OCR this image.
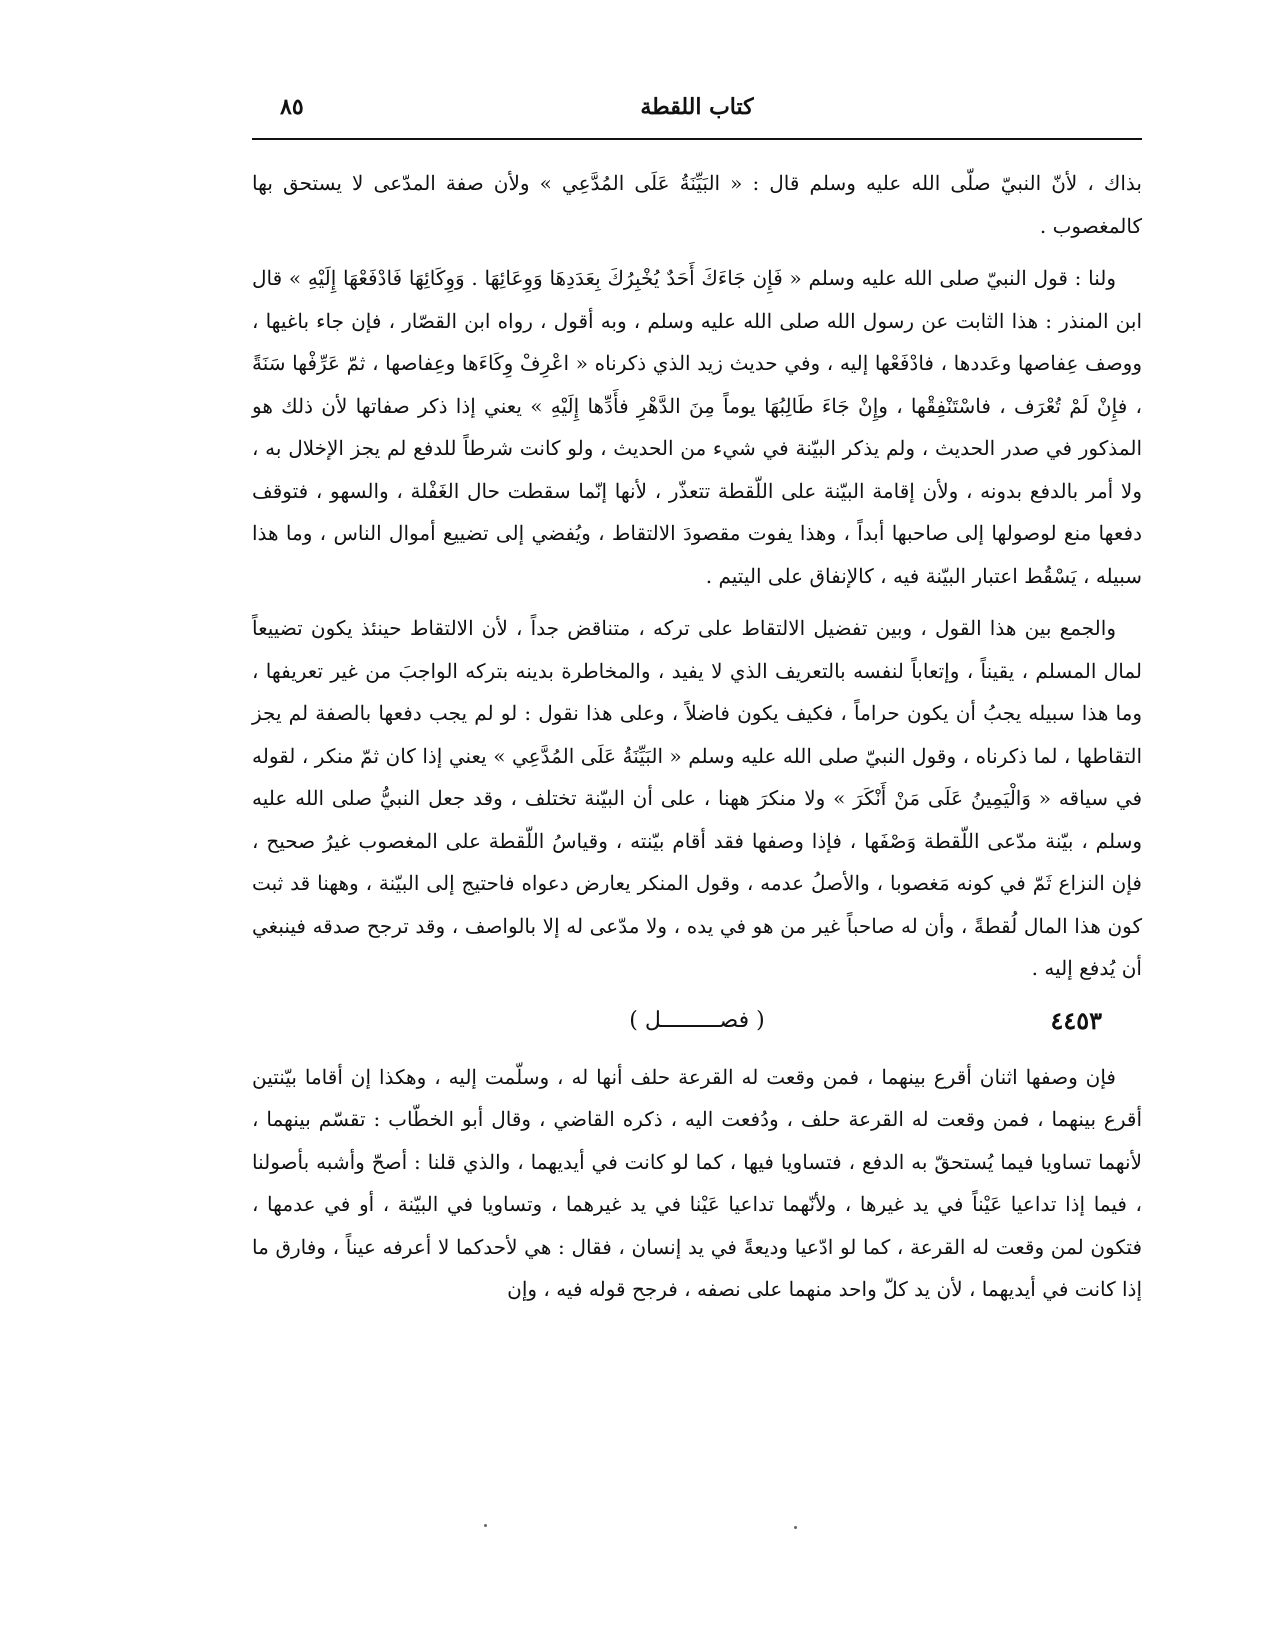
كتاب اللقطة
٨٥

بذاك ، لأنّ النبيّ صلّى الله عليه وسلم قال : « البَيِّنَةُ عَلَى المُدَّعِي » ولأن صفة المدّعى لا يستحق بها كالمغصوب .

ولنا : قول النبيّ صلى الله عليه وسلم « فَإِن جَاءَكَ أَحَدٌ يُخْبِرُكَ بِعَدَدِهَا وَوِعَائِهَا . وَوِكَائِهَا فَادْفَعْهَا إِلَيْهِ » قال ابن المنذر : هذا الثابت عن رسول الله صلى الله عليه وسلم ، وبه أقول ، رواه ابن القصّار ، فإن جاء باغيها ، ووصف عِفاصها وعَددها ، فادْفَعْها إليه ، وفي حديث زيد الذي ذكرناه « اعْرِفْ وِكَاءَها وعِفاصها ، ثمّ عَرِّفْها سَنَةً ، فإِنْ لَمْ تُعْرَف ، فاسْتَنْفِقْها ، وإِنْ جَاءَ طَالِبُهَا يوماً مِنَ الدَّهْرِ فأَدِّها إِلَيْهِ » يعني إذا ذكر صفاتها لأن ذلك هو المذكور في صدر الحديث ، ولم يذكر البيّنة في شيء من الحديث ، ولو كانت شرطاً للدفع لم يجز الإخلال به ، ولا أمر بالدفع بدونه ، ولأن إقامة البيّنة على اللّقطة تتعذّر ، لأنها إنّما سقطت حال الغَفْلة ، والسهو ، فتوقف دفعها منع لوصولها إلى صاحبها أبداً ، وهذا يفوت مقصودَ الالتقاط ، ويُفضي إلى تضييع أموال الناس ، وما هذا سبيله ، يَسْقُط اعتبار البيّنة فيه ، كالإنفاق على اليتيم .

والجمع بين هذا القول ، وبين تفضيل الالتقاط على تركه ، متناقض جداً ، لأن الالتقاط حينئذ يكون تضييعاً لمال المسلم ، يقيناً ، وإتعاباً لنفسه بالتعريف الذي لا يفيد ، والمخاطرة بدينه بتركه الواجبَ من غير تعريفها ، وما هذا سبيله يجبُ أن يكون حراماً ، فكيف يكون فاضلاً ، وعلى هذا نقول : لو لم يجب دفعها بالصفة لم يجز التقاطها ، لما ذكرناه ، وقول النبيّ صلى الله عليه وسلم « البَيِّنَةُ عَلَى المُدَّعِي » يعني إذا كان ثمّ منكر ، لقوله في سياقه « وَالْيَمِينُ عَلَى مَنْ أَنْكَرَ » ولا منكرَ ههنا ، على أن البيّنة تختلف ، وقد جعل النبيُّ صلى الله عليه وسلم ، بيّنة مدّعى اللّقطة وَصْفَها ، فإذا وصفها فقد أقام بيّنته ، وقياسُ اللّقطة على المغصوب غيرُ صحيح ، فإن النزاع ثَمّ في كونه مَغصوبا ، والأصلُ عدمه ، وقول المنكر يعارض دعواه فاحتيج إلى البيّنة ، وههنا قد ثبت كون هذا المال لُقطةً ، وأن له صاحباً غير من هو في يده ، ولا مدّعى له إلا بالواصف ، وقد ترجح صدقه فينبغي أن يُدفع إليه .

٤٤٥٣
( فصـــــــــل )

فإن وصفها اثنان أقرع بينهما ، فمن وقعت له القرعة حلف أنها له ، وسلّمت إليه ، وهكذا إن أقاما بيّنتين أقرع بينهما ، فمن وقعت له القرعة حلف ، ودُفعت اليه ، ذكره القاضي ، وقال أبو الخطّاب : تقسّم بينهما ، لأنهما تساويا فيما يُستحقّ به الدفع ، فتساويا فيها ، كما لو كانت في أيديهما ، والذي قلنا : أصحّ وأشبه بأصولنا ، فيما إذا تداعيا عَيْناً في يد غيرها ، ولأنّهما تداعيا عَيْنا في يد غيرهما ، وتساويا في البيّنة ، أو في عدمها ، فتكون لمن وقعت له القرعة ، كما لو ادّعيا وديعةً في يد إنسان ، فقال : هي لأحدكما لا أعرفه عيناً ، وفارق ما إذا كانت في أيديهما ، لأن يد كلّ واحد منهما على نصفه ، فرجح قوله فيه ، وإن
